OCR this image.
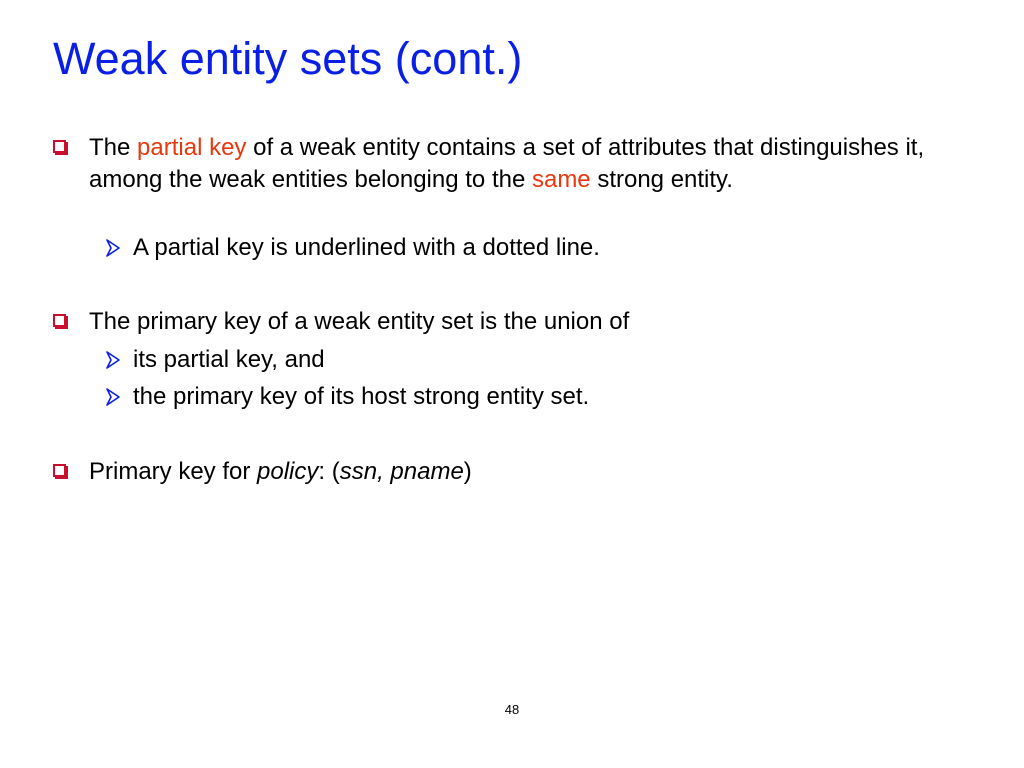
Weak entity sets (cont.)
The partial key of a weak entity contains a set of attributes that distinguishes it, among the weak entities belonging to the same strong entity.
A partial key is underlined with a dotted line.
The primary key of a weak entity set is the union of
its partial key, and
the primary key of its host strong entity set.
Primary key for policy: (ssn, pname)
48
